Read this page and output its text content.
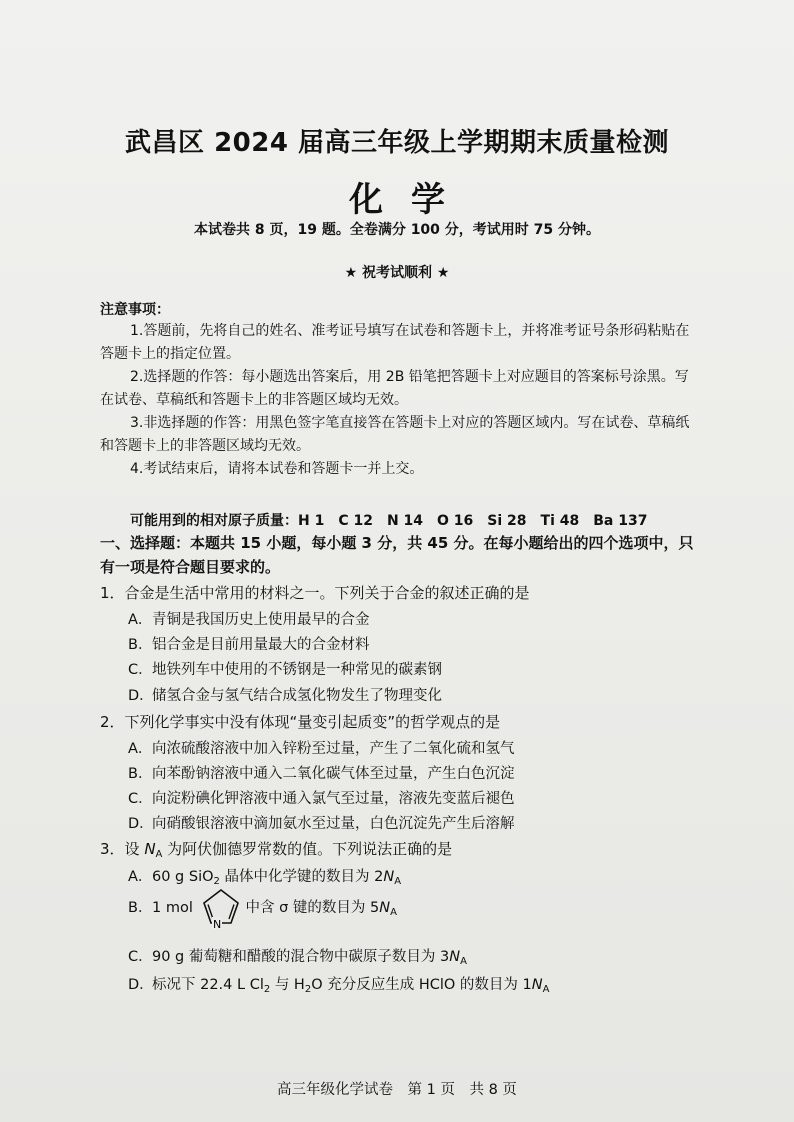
武昌区 2024 届高三年级上学期期末质量检测
化学
本试卷共 8 页，19 题。全卷满分 100 分，考试用时 75 分钟。
★ 祝考试顺利 ★
注意事项：
1.答题前，先将自己的姓名、准考证号填写在试卷和答题卡上，并将准考证号条形码粘贴在答题卡上的指定位置。
2.选择题的作答：每小题选出答案后，用 2B 铅笔把答题卡上对应题目的答案标号涂黑。写在试卷、草稿纸和答题卡上的非答题区域均无效。
3.非选择题的作答：用黑色签字笔直接答在答题卡上对应的答题区域内。写在试卷、草稿纸和答题卡上的非答题区域均无效。
4.考试结束后，请将本试卷和答题卡一并上交。
可能用到的相对原子质量：H 1　C 12　N 14　O 16　Si 28　Ti 48　Ba 137
一、选择题：本题共 15 小题，每小题 3 分，共 45 分。在每小题给出的四个选项中，只有一项是符合题目要求的。
1．合金是生活中常用的材料之一。下列关于合金的叙述正确的是
A．青铜是我国历史上使用最早的合金
B．铝合金是目前用量最大的合金材料
C．地铁列车中使用的不锈钢是一种常见的碳素钢
D．储氢合金与氢气结合成氢化物发生了物理变化
2．下列化学事实中没有体现“量变引起质变”的哲学观点的是
A．向浓硫酸溶液中加入锌粉至过量，产生了二氧化硫和氢气
B．向苯酚钠溶液中通入二氧化碳气体至过量，产生白色沉淀
C．向淀粉碘化钾溶液中通入氯气至过量，溶液先变蓝后褪色
D．向硝酸银溶液中滴加氨水至过量，白色沉淀先产生后溶解
3．设 $N_A$ 为阿伏伽德罗常数的值。下列说法正确的是
A．60 g SiO$_2$ 晶体中化学键的数目为 $2N_A$
B．1 mol
N
中含 σ 键的数目为 $5N_A$
C．90 g 葡萄糖和醋酸的混合物中碳原子数目为 $3N_A$
D．标况下 22.4 L $Cl_2$ 与 $H_2O$ 充分反应生成 HClO 的数目为 $1N_A$
高三年级化学试卷　第 1 页　共 8 页
